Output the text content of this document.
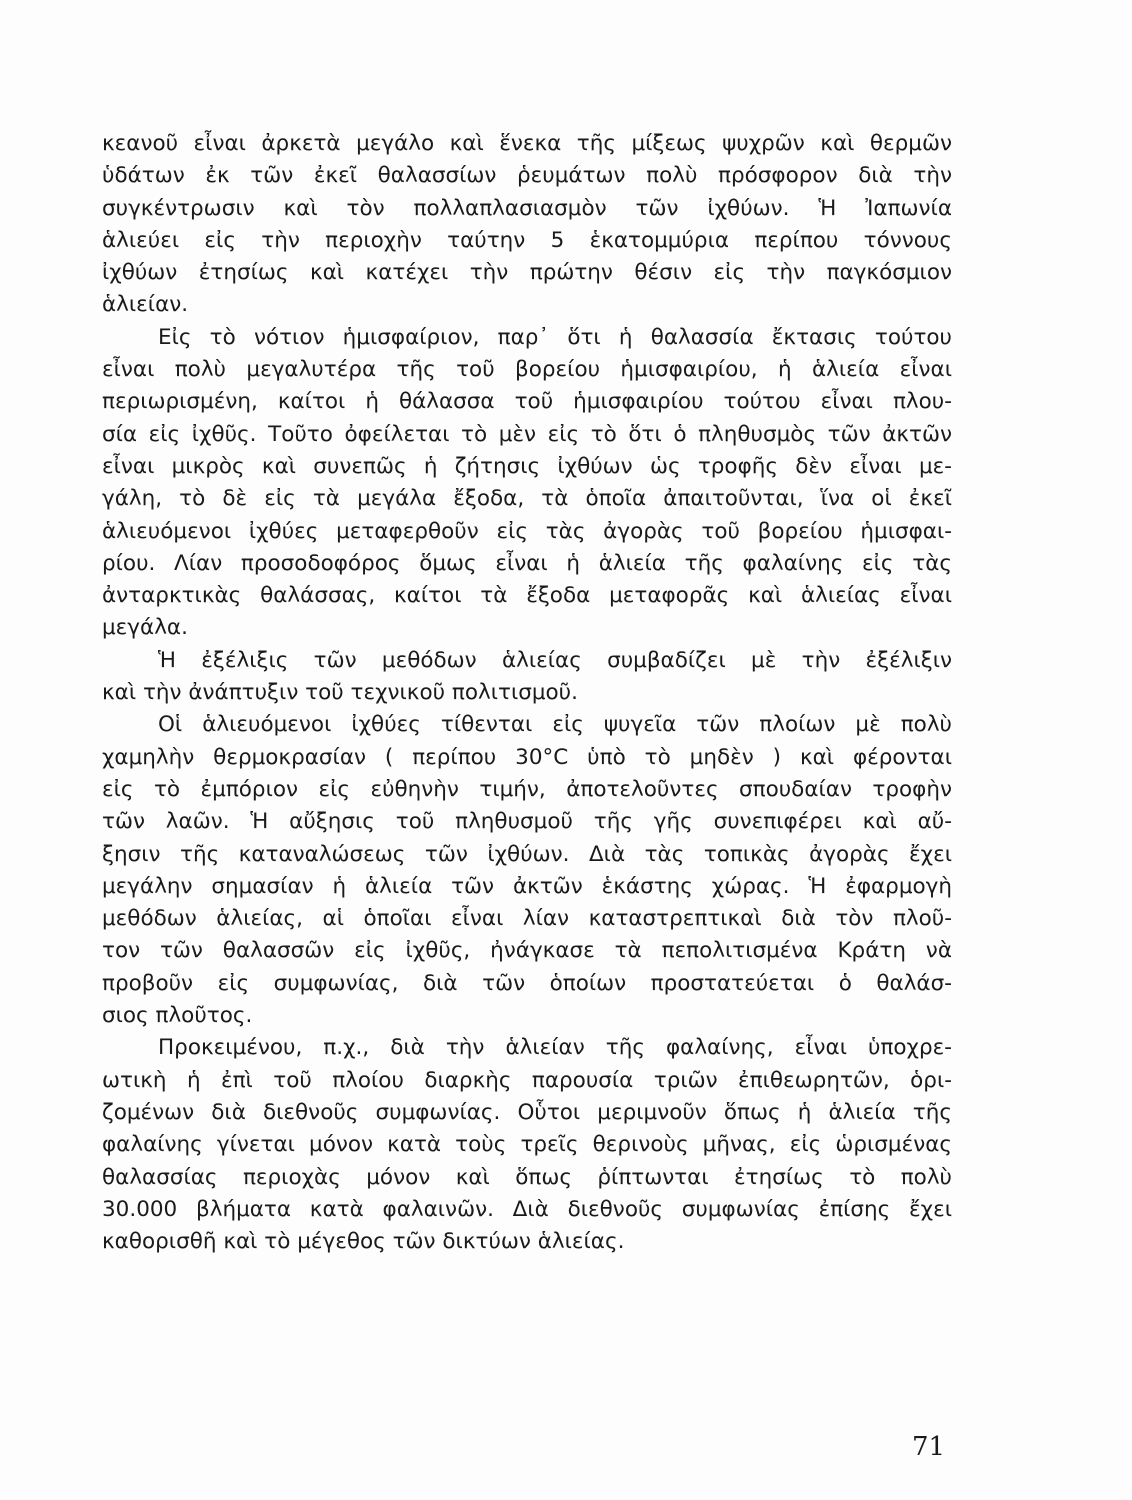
κεανοῦ εἶναι ἀρκετὰ μεγάλο καὶ ἕνεκα τῆς μίξεως ψυχρῶν καὶ θερμῶν

ὑδάτων ἐκ τῶν ἐκεῖ θαλασσίων ῥευμάτων πολὺ πρόσφορον διὰ τὴν

συγκέντρωσιν καὶ τὸν πολλαπλασιασμὸν τῶν ἰχθύων. Ἡ Ἰαπωνία

ἁλιεύει εἰς τὴν περιοχὴν ταύτην 5 ἑκατομμύρια περίπου τόννους

ἰχθύων ἐτησίως καὶ κατέχει τὴν πρώτην θέσιν εἰς τὴν παγκόσμιον

ἁλιείαν.

Εἰς τὸ νότιον ἡμισφαίριον, παρ᾽ ὅτι ἡ θαλασσία ἔκτασις τούτου

εἶναι πολὺ μεγαλυτέρα τῆς τοῦ βορείου ἡμισφαιρίου, ἡ ἁλιεία εἶναι

περιωρισμένη, καίτοι ἡ θάλασσα τοῦ ἡμισφαιρίου τούτου εἶναι πλου-

σία εἰς ἰχθῦς. Τοῦτο ὀφείλεται τὸ μὲν εἰς τὸ ὅτι ὁ πληθυσμὸς τῶν ἀκτῶν

εἶναι μικρὸς καὶ συνεπῶς ἡ ζήτησις ἰχθύων ὡς τροφῆς δὲν εἶναι με-

γάλη, τὸ δὲ εἰς τὰ μεγάλα ἔξοδα, τὰ ὁποῖα ἀπαιτοῦνται, ἵνα οἱ ἐκεῖ

ἁλιευόμενοι ἰχθύες μεταφερθοῦν εἰς τὰς ἀγορὰς τοῦ βορείου ἡμισφαι-

ρίου. Λίαν προσοδοφόρος ὅμως εἶναι ἡ ἁλιεία τῆς φαλαίνης εἰς τὰς

ἀνταρκτικὰς θαλάσσας, καίτοι τὰ ἔξοδα μεταφορᾶς καὶ ἁλιείας εἶναι

μεγάλα.

Ἡ ἐξέλιξις τῶν μεθόδων ἁλιείας συμβαδίζει μὲ τὴν ἐξέλιξιν

καὶ τὴν ἀνάπτυξιν τοῦ τεχνικοῦ πολιτισμοῦ.

Οἱ ἁλιευόμενοι ἰχθύες τίθενται εἰς ψυγεῖα τῶν πλοίων μὲ πολὺ

χαμηλὴν θερμοκρασίαν ( περίπου 30°C ὑπὸ τὸ μηδὲν ) καὶ φέρονται

εἰς τὸ ἐμπόριον εἰς εὐθηνὴν τιμήν, ἀποτελοῦντες σπουδαίαν τροφὴν

τῶν λαῶν. Ἡ αὔξησις τοῦ πληθυσμοῦ τῆς γῆς συνεπιφέρει καὶ αὔ-

ξησιν τῆς καταναλώσεως τῶν ἰχθύων. Διὰ τὰς τοπικὰς ἀγορὰς ἔχει

μεγάλην σημασίαν ἡ ἁλιεία τῶν ἀκτῶν ἑκάστης χώρας. Ἡ ἐφαρμογὴ

μεθόδων ἁλιείας, αἱ ὁποῖαι εἶναι λίαν καταστρεπτικαὶ διὰ τὸν πλοῦ-

τον τῶν θαλασσῶν εἰς ἰχθῦς, ἠνάγκασε τὰ πεπολιτισμένα Κράτη νὰ

προβοῦν εἰς συμφωνίας, διὰ τῶν ὁποίων προστατεύεται ὁ θαλάσ-

σιος πλοῦτος.

Προκειμένου, π.χ., διὰ τὴν ἁλιείαν τῆς φαλαίνης, εἶναι ὑποχρε-

ωτικὴ ἡ ἐπὶ τοῦ πλοίου διαρκὴς παρουσία τριῶν ἐπιθεωρητῶν, ὁρι-

ζομένων διὰ διεθνοῦς συμφωνίας. Οὗτοι μεριμνοῦν ὅπως ἡ ἁλιεία τῆς

φαλαίνης γίνεται μόνον κατὰ τοὺς τρεῖς θερινοὺς μῆνας, εἰς ὡρισμένας

θαλασσίας περιοχὰς μόνον καὶ ὅπως ῥίπτωνται ἐτησίως τὸ πολὺ

30.000 βλήματα κατὰ φαλαινῶν. Διὰ διεθνοῦς συμφωνίας ἐπίσης ἔχει

καθορισθῆ καὶ τὸ μέγεθος τῶν δικτύων ἁλιείας.

71
